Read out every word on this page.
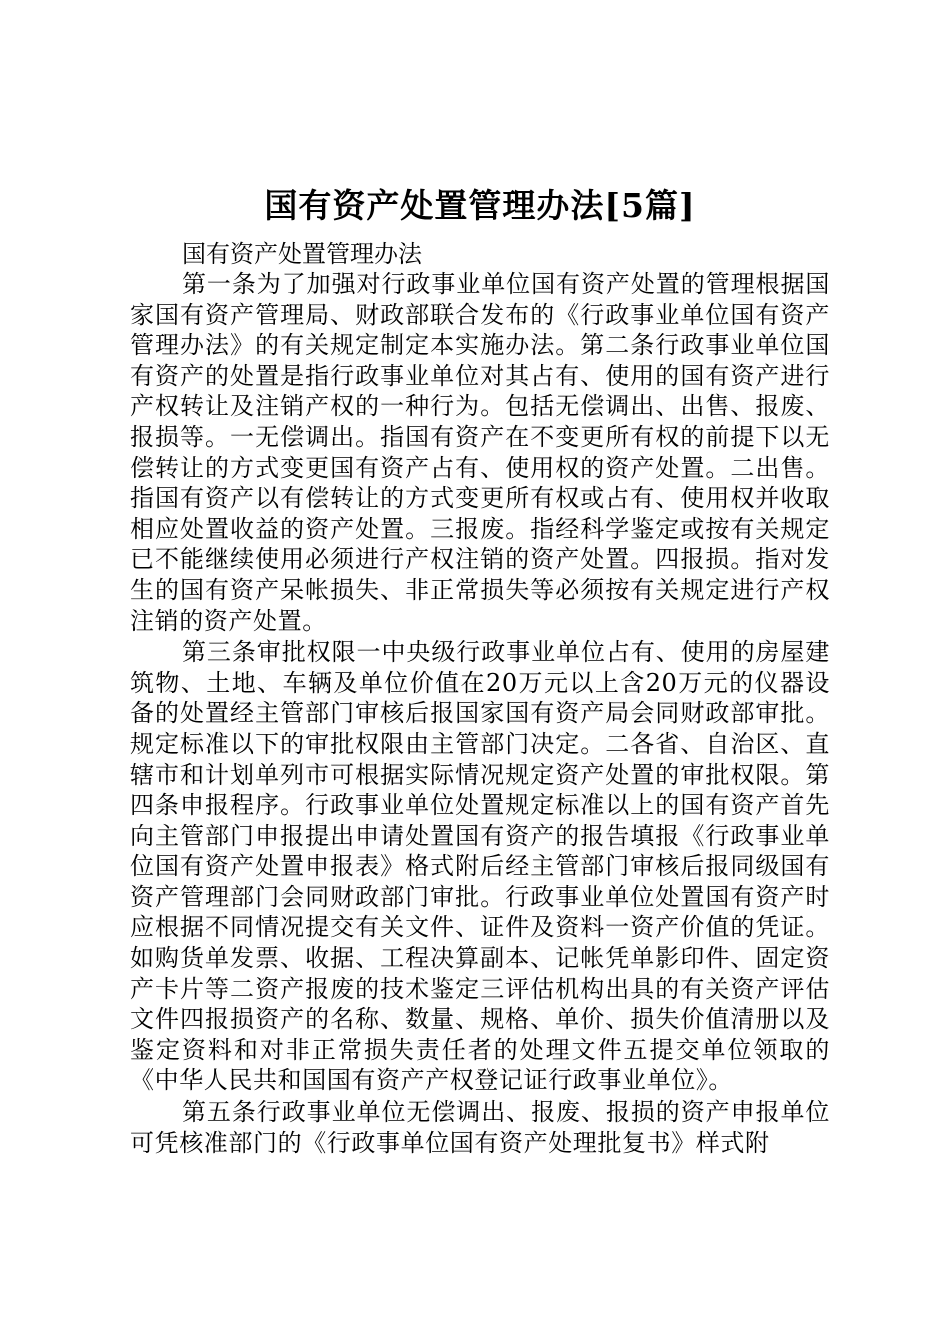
国有资产处置管理办法[5篇]

国有资产处置管理办法

第一条为了加强对行政事业单位国有资产处置的管理根据国家国有资产管理局、财政部联合发布的《行政事业单位国有资产管理办法》的有关规定制定本实施办法。第二条行政事业单位国有资产的处置是指行政事业单位对其占有、使用的国有资产进行产权转让及注销产权的一种行为。包括无偿调出、出售、报废、报损等。一无偿调出。指国有资产在不变更所有权的前提下以无偿转让的方式变更国有资产占有、使用权的资产处置。二出售。指国有资产以有偿转让的方式变更所有权或占有、使用权并收取相应处置收益的资产处置。三报废。指经科学鉴定或按有关规定已不能继续使用必须进行产权注销的资产处置。四报损。指对发生的国有资产呆帐损失、非正常损失等必须按有关规定进行产权注销的资产处置。

第三条审批权限一中央级行政事业单位占有、使用的房屋建筑物、土地、车辆及单位价值在20万元以上含20万元的仪器设备的处置经主管部门审核后报国家国有资产局会同财政部审批。规定标准以下的审批权限由主管部门决定。二各省、自治区、直辖市和计划单列市可根据实际情况规定资产处置的审批权限。第四条申报程序。行政事业单位处置规定标准以上的国有资产首先向主管部门申报提出申请处置国有资产的报告填报《行政事业单位国有资产处置申报表》格式附后经主管部门审核后报同级国有资产管理部门会同财政部门审批。行政事业单位处置国有资产时应根据不同情况提交有关文件、证件及资料一资产价值的凭证。如购货单发票、收据、工程决算副本、记帐凭单影印件、固定资产卡片等二资产报废的技术鉴定三评估机构出具的有关资产评估文件四报损资产的名称、数量、规格、单价、损失价值清册以及鉴定资料和对非正常损失责任者的处理文件五提交单位领取的《中华人民共和国国有资产产权登记证行政事业单位》。

第五条行政事业单位无偿调出、报废、报损的资产申报单位可凭核准部门的《行政事单位国有资产处理批复书》样式附
